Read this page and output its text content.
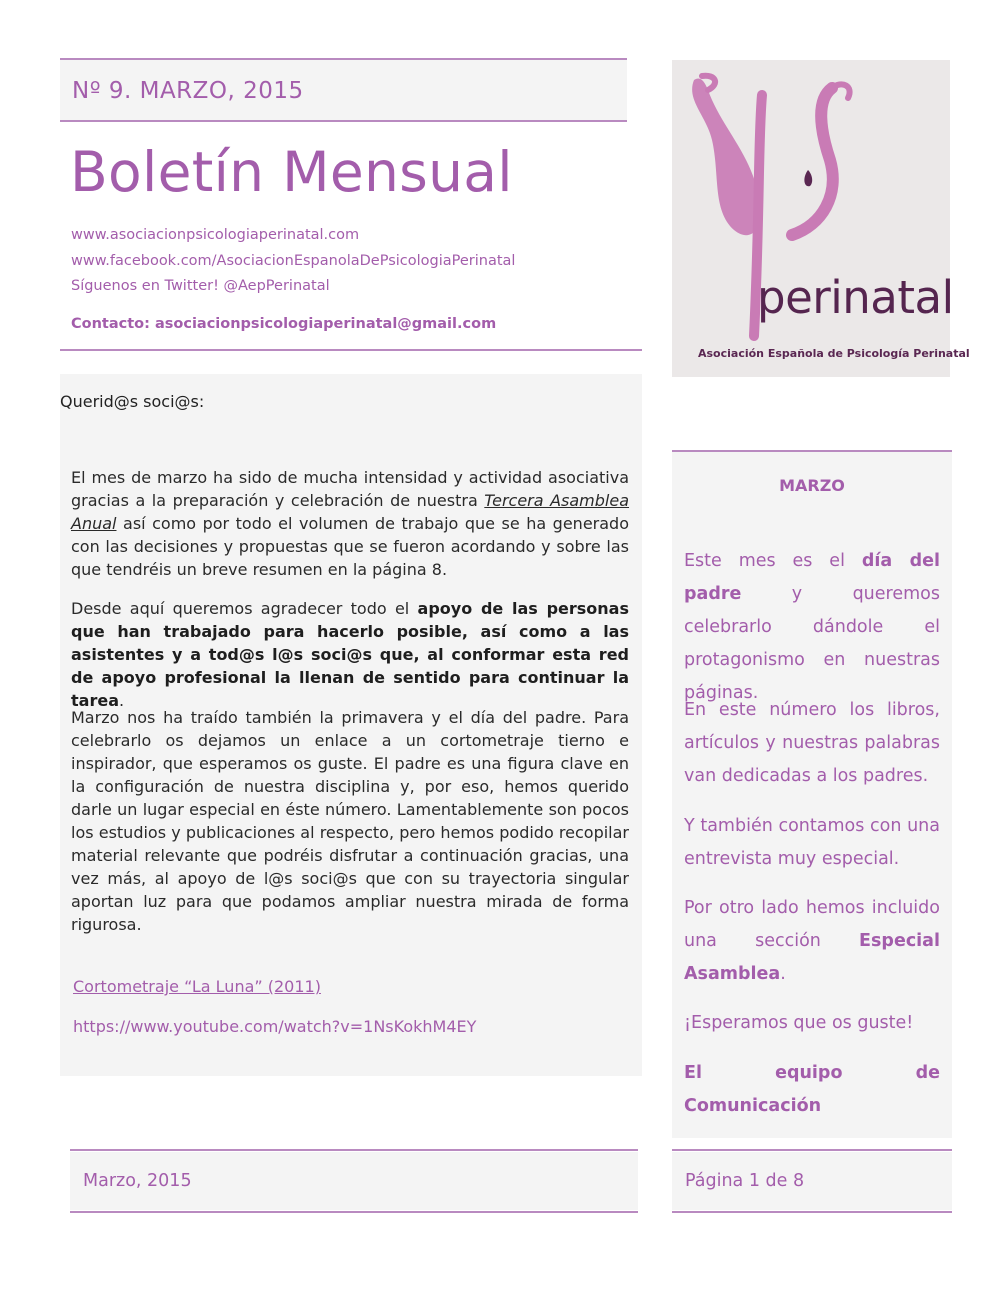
Nº 9. MARZO, 2015
Boletín Mensual
www.asociacionpsicologiaperinatal.com
www.facebook.com/AsociacionEspanolaDePsicologiaPerinatal
Síguenos en Twitter! @AepPerinatal
Contacto: asociacionpsicologiaperinatal@gmail.com	perinatal
Asociación Española de Psicología Perinatal
Querid@s soci@s:

El mes de marzo ha sido de mucha intensidad y actividad asociativa gracias a la preparación y celebración de nuestra Tercera Asamblea Anual así como por todo el volumen de trabajo que se ha generado con las decisiones y propuestas que se fueron acordando y sobre las que tendréis un breve resumen en la página 8.

Desde aquí queremos agradecer todo el apoyo de las personas que han trabajado para hacerlo posible, así como a las asistentes y a tod@s l@s soci@s que, al conformar esta red de apoyo profesional la llenan de sentido para continuar la tarea.

Marzo nos ha traído también la primavera y el día del padre. Para celebrarlo os dejamos un enlace a un cortometraje tierno e inspirador, que esperamos os guste. El padre es una figura clave en la configuración de nuestra disciplina y, por eso, hemos querido darle un lugar especial en éste número. Lamentablemente son pocos los estudios y publicaciones al respecto, pero hemos podido recopilar material relevante que podréis disfrutar a continuación gracias, una vez más, al apoyo de l@s soci@s que con su trayectoria singular aportan luz para que podamos ampliar nuestra mirada de forma rigurosa.

Cortometraje “La Luna” (2011)
https://www.youtube.com/watch?v=1NsKokhM4EY
MARZO

Este mes es el día del padre y queremos celebrarlo dándole el protagonismo en nuestras páginas.

En este número los libros, artículos y nuestras palabras van dedicadas a los padres.

Y también contamos con una entrevista muy especial.

Por otro lado hemos incluido una sección Especial Asamblea.

¡Esperamos que os guste!

El equipo de Comunicación

Marzo, 2015	Página 1 de 8
